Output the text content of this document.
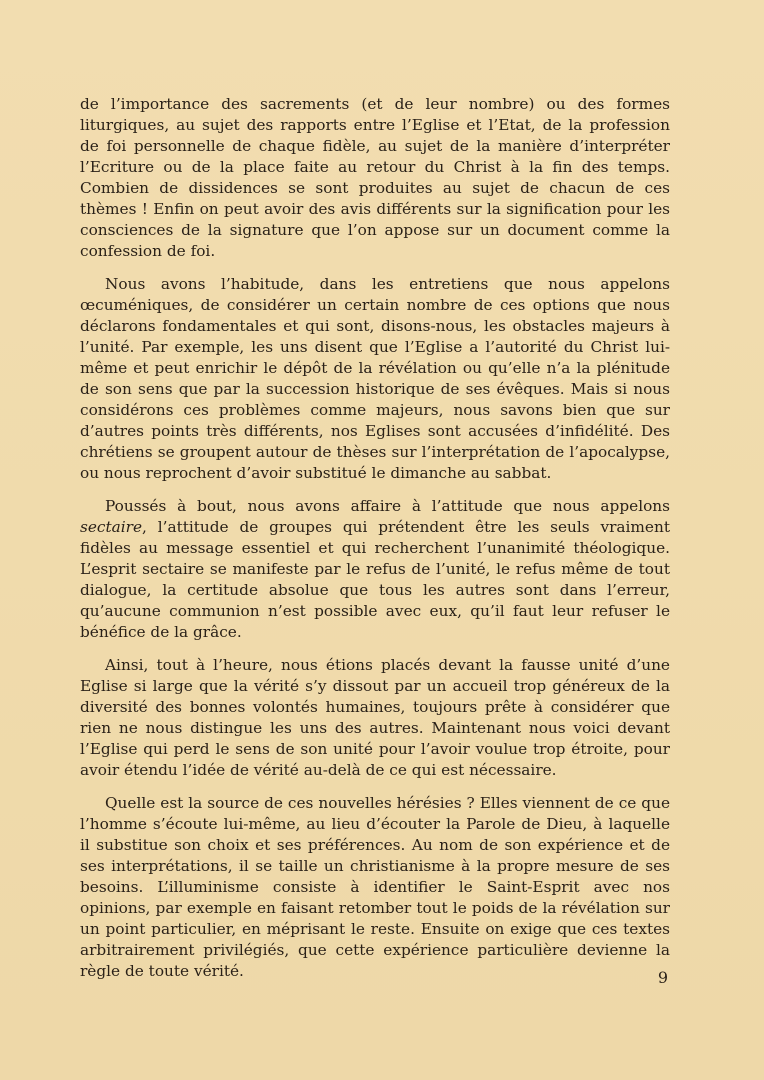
de l’importance des sacrements (et de leur nombre) ou des formes liturgiques, au sujet des rapports entre l’Eglise et l’Etat, de la profession de foi personnelle de chaque fidèle, au sujet de la manière d’interpréter l’Ecriture ou de la place faite au retour du Christ à la fin des temps. Combien de dissidences se sont produites au sujet de chacun de ces thèmes ! Enfin on peut avoir des avis différents sur la signification pour les consciences de la signature que l’on appose sur un document comme la confession de foi.

Nous avons l’habitude, dans les entretiens que nous appelons œcuméniques, de considérer un certain nombre de ces options que nous déclarons fondamentales et qui sont, disons-nous, les obstacles majeurs à l’unité. Par exemple, les uns disent que l’Eglise a l’autorité du Christ lui-même et peut enrichir le dépôt de la révélation ou qu’elle n’a la plénitude de son sens que par la succession historique de ses évêques. Mais si nous considérons ces problèmes comme majeurs, nous savons bien que sur d’autres points très différents, nos Eglises sont accusées d’infidélité. Des chrétiens se groupent autour de thèses sur l’interprétation de l’apocalypse, ou nous reprochent d’avoir substitué le dimanche au sabbat.

Poussés à bout, nous avons affaire à l’attitude que nous appelons sectaire, l’attitude de groupes qui prétendent être les seuls vraiment fidèles au message essentiel et qui recherchent l’unanimité théologique. L’esprit sectaire se manifeste par le refus de l’unité, le refus même de tout dialogue, la certitude absolue que tous les autres sont dans l’erreur, qu’aucune communion n’est possible avec eux, qu’il faut leur refuser le bénéfice de la grâce.

Ainsi, tout à l’heure, nous étions placés devant la fausse unité d’une Eglise si large que la vérité s’y dissout par un accueil trop généreux de la diversité des bonnes volontés humaines, toujours prête à considérer que rien ne nous distingue les uns des autres. Maintenant nous voici devant l’Eglise qui perd le sens de son unité pour l’avoir voulue trop étroite, pour avoir étendu l’idée de vérité au-delà de ce qui est nécessaire.

Quelle est la source de ces nouvelles hérésies ? Elles viennent de ce que l’homme s’écoute lui-même, au lieu d’écouter la Parole de Dieu, à laquelle il substitue son choix et ses préférences. Au nom de son expérience et de ses interprétations, il se taille un christianisme à la propre mesure de ses besoins. L’illuminisme consiste à identifier le Saint-Esprit avec nos opinions, par exemple en faisant retomber tout le poids de la révélation sur un point particulier, en méprisant le reste. Ensuite on exige que ces textes arbitrairement privilégiés, que cette expérience particulière devienne la règle de toute vérité.	9
